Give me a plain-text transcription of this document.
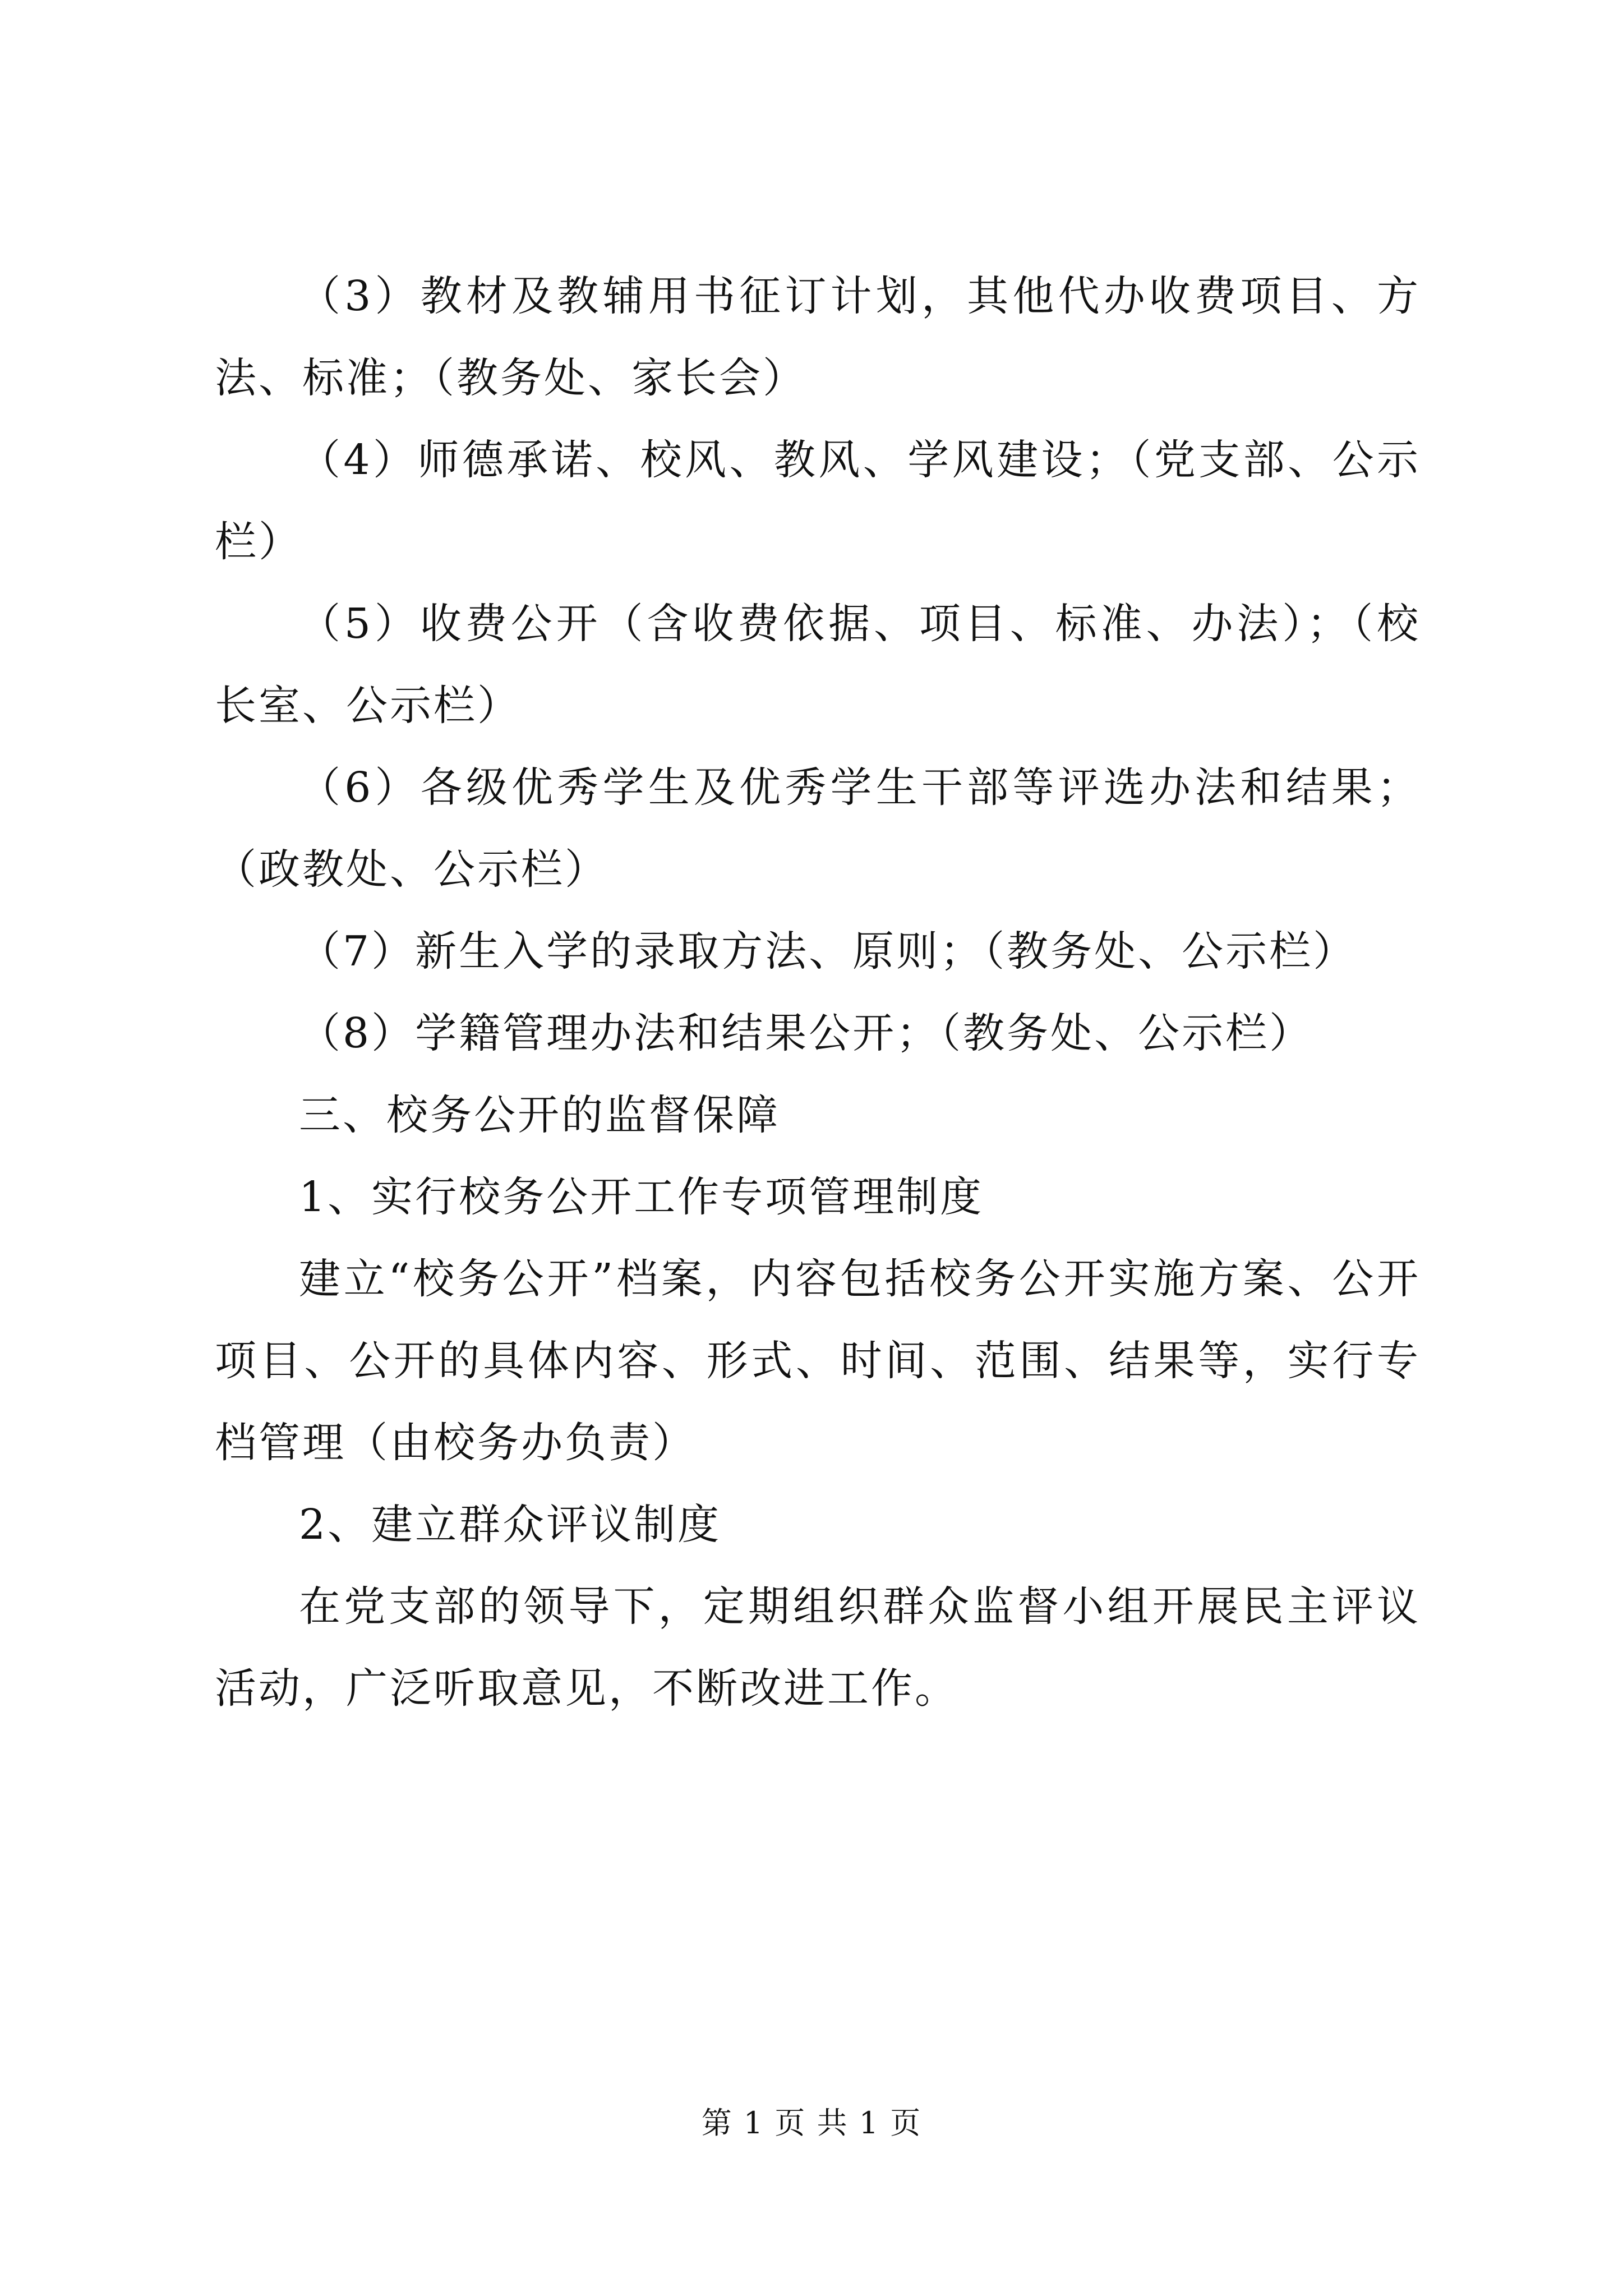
（3）教材及教辅用书征订计划，其他代办收费项目、方法、标准；（教务处、家长会）

（4）师德承诺、校风、教风、学风建设；（党支部、公示栏）

（5）收费公开（含收费依据、项目、标准、办法）；（校长室、公示栏）

（6）各级优秀学生及优秀学生干部等评选办法和结果；（政教处、公示栏）

（7）新生入学的录取方法、原则；（教务处、公示栏）

（8）学籍管理办法和结果公开；（教务处、公示栏）

三、校务公开的监督保障

1、实行校务公开工作专项管理制度

建立“校务公开”档案，内容包括校务公开实施方案、公开项目、公开的具体内容、形式、时间、范围、结果等，实行专档管理（由校务办负责）

2、建立群众评议制度

在党支部的领导下，定期组织群众监督小组开展民主评议活动，广泛听取意见，不断改进工作。

第 1 页 共 1 页
